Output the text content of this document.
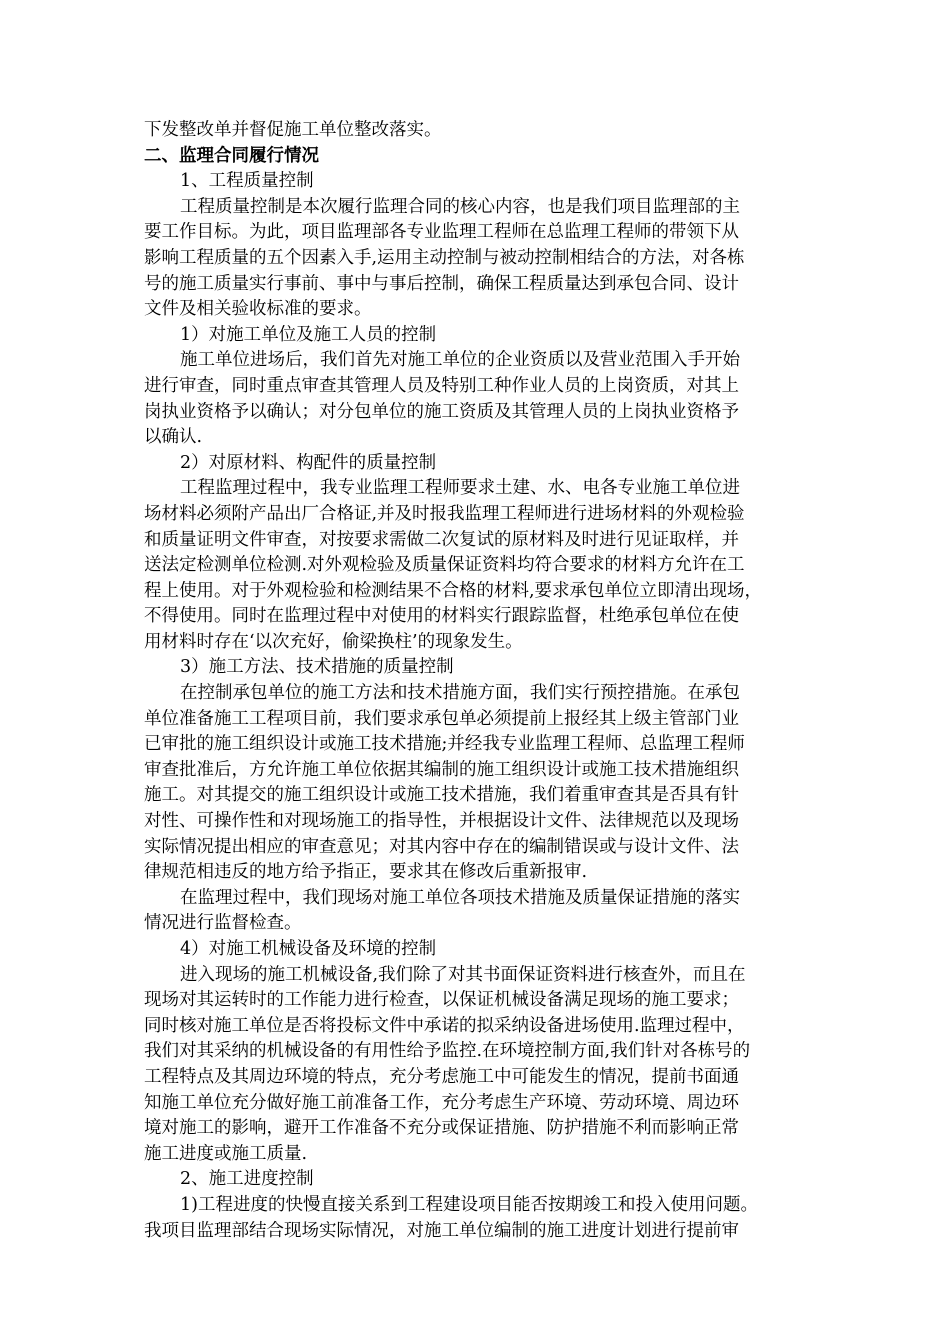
下发整改单并督促施工单位整改落实。
二、监理合同履行情况
1、工程质量控制
工程质量控制是本次履行监理合同的核心内容，也是我们项目监理部的主
要工作目标。为此，项目监理部各专业监理工程师在总监理工程师的带领下从
影响工程质量的五个因素入手,运用主动控制与被动控制相结合的方法，对各栋
号的施工质量实行事前、事中与事后控制，确保工程质量达到承包合同、设计
文件及相关验收标准的要求。
1）对施工单位及施工人员的控制
施工单位进场后，我们首先对施工单位的企业资质以及营业范围入手开始
进行审查，同时重点审查其管理人员及特别工种作业人员的上岗资质，对其上
岗执业资格予以确认；对分包单位的施工资质及其管理人员的上岗执业资格予
以确认.
2）对原材料、构配件的质量控制
工程监理过程中，我专业监理工程师要求土建、水、电各专业施工单位进
场材料必须附产品出厂合格证,并及时报我监理工程师进行进场材料的外观检验
和质量证明文件审查，对按要求需做二次复试的原材料及时进行见证取样，并
送法定检测单位检测.对外观检验及质量保证资料均符合要求的材料方允许在工
程上使用。对于外观检验和检测结果不合格的材料,要求承包单位立即清出现场，
不得使用。同时在监理过程中对使用的材料实行跟踪监督，杜绝承包单位在使
用材料时存在‘以次充好，偷梁换柱’的现象发生。
3）施工方法、技术措施的质量控制
在控制承包单位的施工方法和技术措施方面，我们实行预控措施。在承包
单位准备施工工程项目前，我们要求承包单必须提前上报经其上级主管部门业
已审批的施工组织设计或施工技术措施;并经我专业监理工程师、总监理工程师
审查批准后，方允许施工单位依据其编制的施工组织设计或施工技术措施组织
施工。对其提交的施工组织设计或施工技术措施，我们着重审查其是否具有针
对性、可操作性和对现场施工的指导性，并根据设计文件、法律规范以及现场
实际情况提出相应的审查意见；对其内容中存在的编制错误或与设计文件、法
律规范相违反的地方给予指正，要求其在修改后重新报审.
在监理过程中，我们现场对施工单位各项技术措施及质量保证措施的落实
情况进行监督检查。
4）对施工机械设备及环境的控制
进入现场的施工机械设备,我们除了对其书面保证资料进行核查外，而且在
现场对其运转时的工作能力进行检查，以保证机械设备满足现场的施工要求；
同时核对施工单位是否将投标文件中承诺的拟采纳设备进场使用.监理过程中，
我们对其采纳的机械设备的有用性给予监控.在环境控制方面,我们针对各栋号的
工程特点及其周边环境的特点，充分考虑施工中可能发生的情况，提前书面通
知施工单位充分做好施工前准备工作，充分考虑生产环境、劳动环境、周边环
境对施工的影响，避开工作准备不充分或保证措施、防护措施不利而影响正常
施工进度或施工质量.
2、施工进度控制
1)工程进度的快慢直接关系到工程建设项目能否按期竣工和投入使用问题。
我项目监理部结合现场实际情况，对施工单位编制的施工进度计划进行提前审
